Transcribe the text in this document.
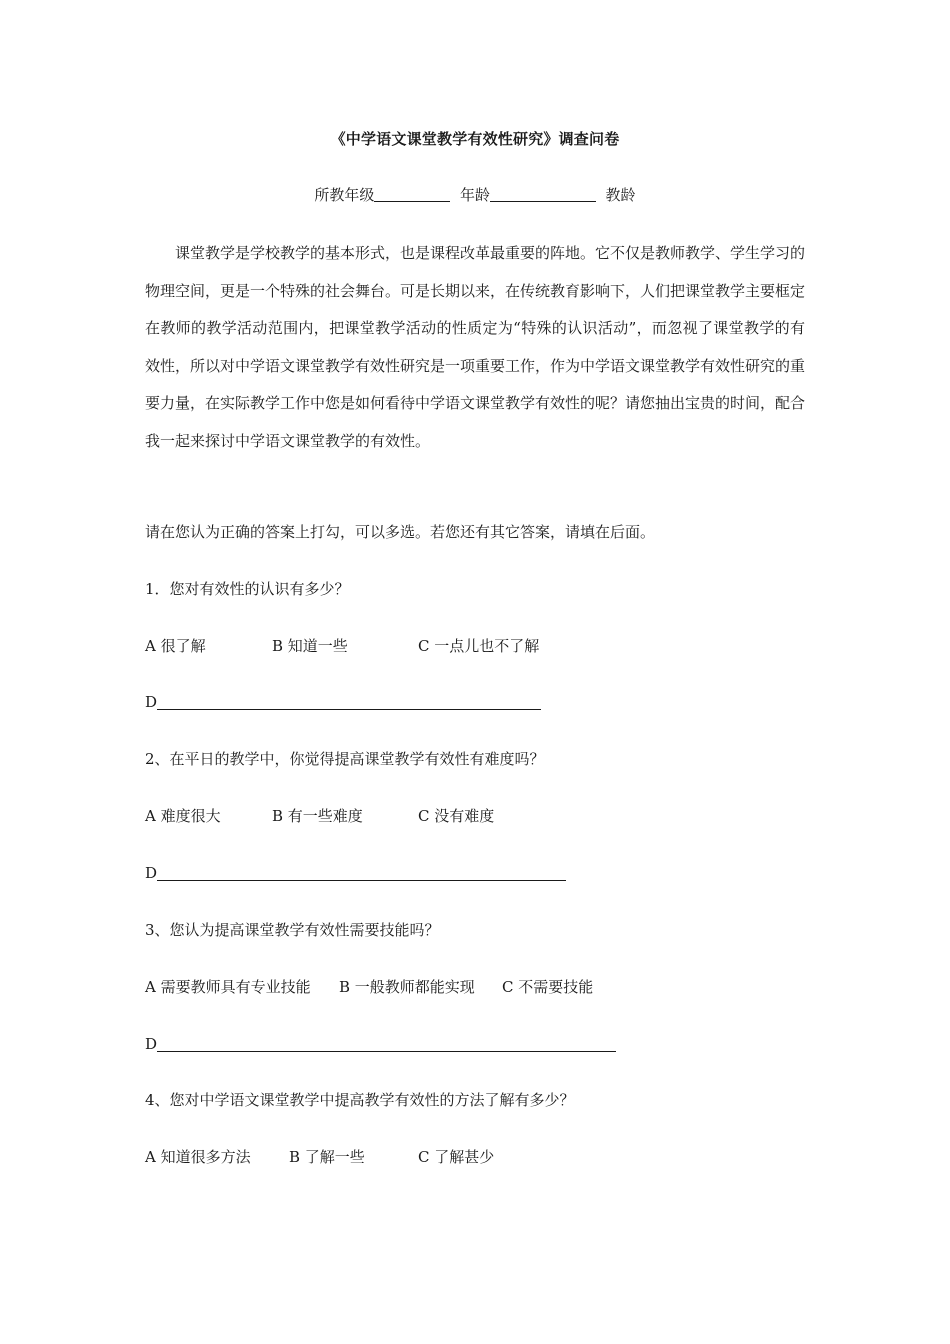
《中学语文课堂教学有效性研究》调查问卷
所教年级	年龄	教龄

课堂教学是学校教学的基本形式，也是课程改革最重要的阵地。它不仅是教师教学、学生学习的物理空间，更是一个特殊的社会舞台。可是长期以来，在传统教育影响下，人们把课堂教学主要框定在教师的教学活动范围内，把课堂教学活动的性质定为“特殊的认识活动”，而忽视了课堂教学的有效性，所以对中学语文课堂教学有效性研究是一项重要工作，作为中学语文课堂教学有效性研究的重要力量，在实际教学工作中您是如何看待中学语文课堂教学有效性的呢？请您抽出宝贵的时间，配合我一起来探讨中学语文课堂教学的有效性。

请在您认为正确的答案上打勾，可以多选。若您还有其它答案，请填在后面。
1．您对有效性的认识有多少？
A 很了解	B 知道一些	C 一点儿也不了解
D
2、在平日的教学中，你觉得提高课堂教学有效性有难度吗？
A 难度很大	B 有一些难度	C 没有难度
D
3、您认为提高课堂教学有效性需要技能吗？
A 需要教师具有专业技能 B 一般教师都能实现 C 不需要技能
D
4、您对中学语文课堂教学中提高教学有效性的方法了解有多少？
A 知道很多方法	B 了解一些	C 了解甚少
